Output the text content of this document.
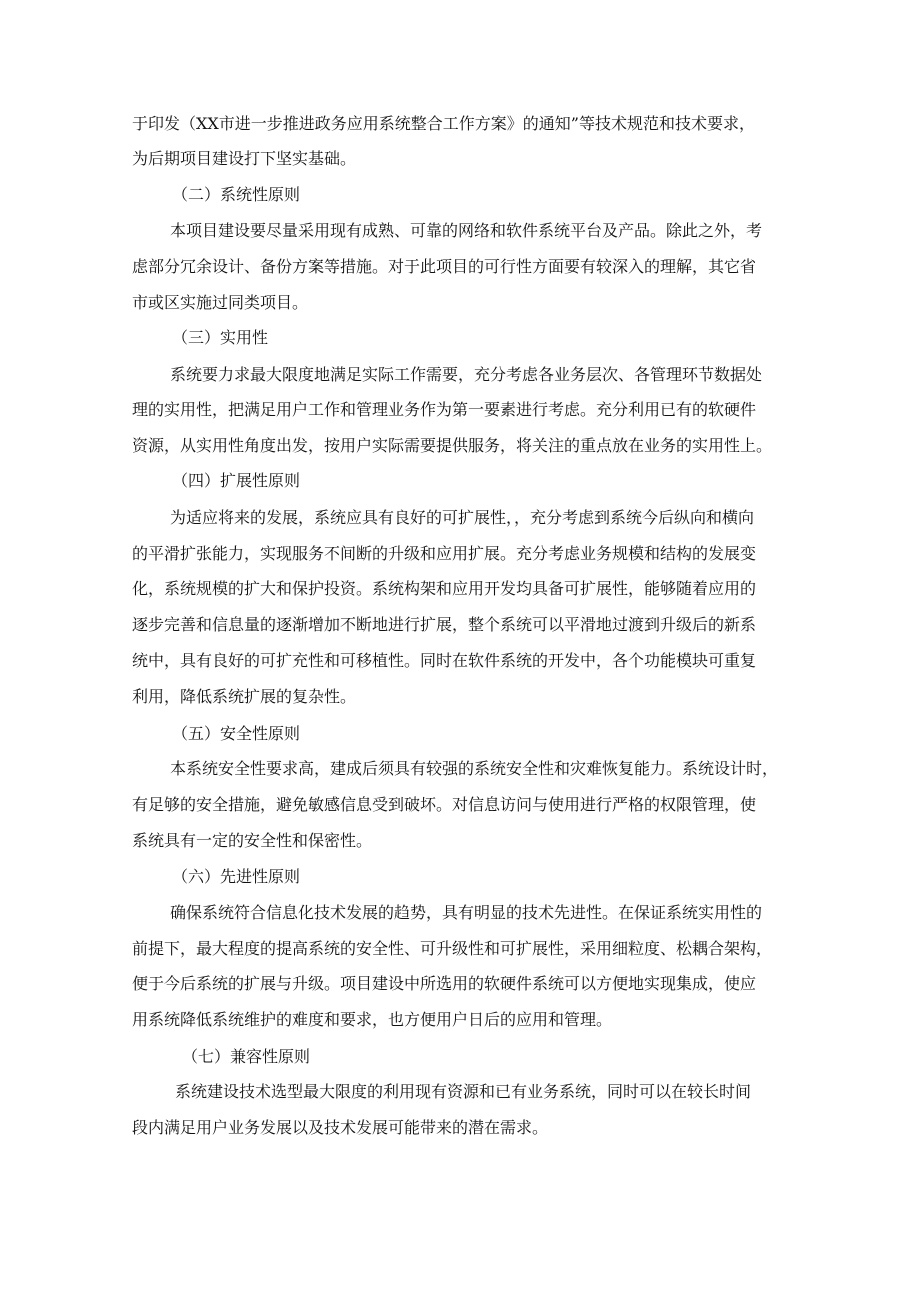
于印发（XX市进一步推进政务应用系统整合工作方案》的通知”等技术规范和技术要求，
为后期项目建设打下坚实基础。
（二）系统性原则
本项目建设要尽量采用现有成熟、可靠的网络和软件系统平台及产品。除此之外，考
虑部分冗余设计、备份方案等措施。对于此项目的可行性方面要有较深入的理解，其它省
市或区实施过同类项目。
（三）实用性
系统要力求最大限度地满足实际工作需要，充分考虑各业务层次、各管理环节数据处
理的实用性，把满足用户工作和管理业务作为第一要素进行考虑。充分利用已有的软硬件
资源，从实用性角度出发，按用户实际需要提供服务，将关注的重点放在业务的实用性上。
（四）扩展性原则
为适应将来的发展，系统应具有良好的可扩展性，，充分考虑到系统今后纵向和横向
的平滑扩张能力，实现服务不间断的升级和应用扩展。充分考虑业务规模和结构的发展变
化，系统规模的扩大和保护投资。系统构架和应用开发均具备可扩展性，能够随着应用的
逐步完善和信息量的逐渐增加不断地进行扩展，整个系统可以平滑地过渡到升级后的新系
统中，具有良好的可扩充性和可移植性。同时在软件系统的开发中，各个功能模块可重复
利用，降低系统扩展的复杂性。
（五）安全性原则
本系统安全性要求高，建成后须具有较强的系统安全性和灾难恢复能力。系统设计时，
有足够的安全措施，避免敏感信息受到破坏。对信息访问与使用进行严格的权限管理，使
系统具有一定的安全性和保密性。
（六）先进性原则
确保系统符合信息化技术发展的趋势，具有明显的技术先进性。在保证系统实用性的
前提下，最大程度的提高系统的安全性、可升级性和可扩展性，采用细粒度、松耦合架构，
便于今后系统的扩展与升级。项目建设中所选用的软硬件系统可以方便地实现集成，使应
用系统降低系统维护的难度和要求，也方便用户日后的应用和管理。
（七）兼容性原则
系统建设技术选型最大限度的利用现有资源和已有业务系统，同时可以在较长时间
段内满足用户业务发展以及技术发展可能带来的潜在需求。
